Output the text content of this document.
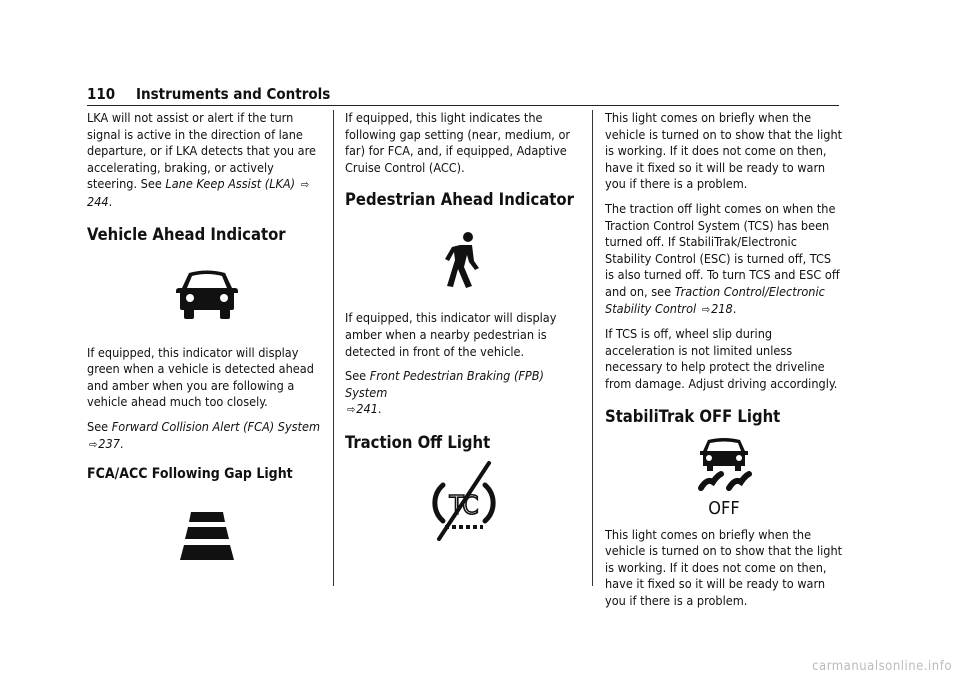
110 Instruments and Controls

LKA will not assist or alert if the turn signal is active in the direction of lane departure, or if LKA detects that you are accelerating, braking, or actively steering. See Lane Keep Assist (LKA) ⇨244.

Vehicle Ahead Indicator

If equipped, this indicator will display green when a vehicle is detected ahead and amber when you are following a vehicle ahead much too closely.

See Forward Collision Alert (FCA) System
⇨237.

FCA/ACC Following Gap Light

If equipped, this light indicates the following gap setting (near, medium, or far) for FCA, and, if equipped, Adaptive Cruise Control (ACC).

Pedestrian Ahead Indicator

If equipped, this indicator will display amber when a nearby pedestrian is detected in front of the vehicle.

See Front Pedestrian Braking (FPB) System
⇨241.

Traction Off Light
TC

This light comes on briefly when the vehicle is turned on to show that the light is working. If it does not come on then, have it fixed so it will be ready to warn you if there is a problem.

The traction off light comes on when the Traction Control System (TCS) has been turned off. If StabiliTrak/Electronic Stability Control (ESC) is turned off, TCS is also turned off. To turn TCS and ESC off and on, see Traction Control/Electronic Stability Control ⇨218.

If TCS is off, wheel slip during acceleration is not limited unless necessary to help protect the driveline from damage. Adjust driving accordingly.

StabiliTrak OFF Light
OFF

This light comes on briefly when the vehicle is turned on to show that the light is working. If it does not come on then, have it fixed so it will be ready to warn you if there is a problem.

carmanualsonline.info
